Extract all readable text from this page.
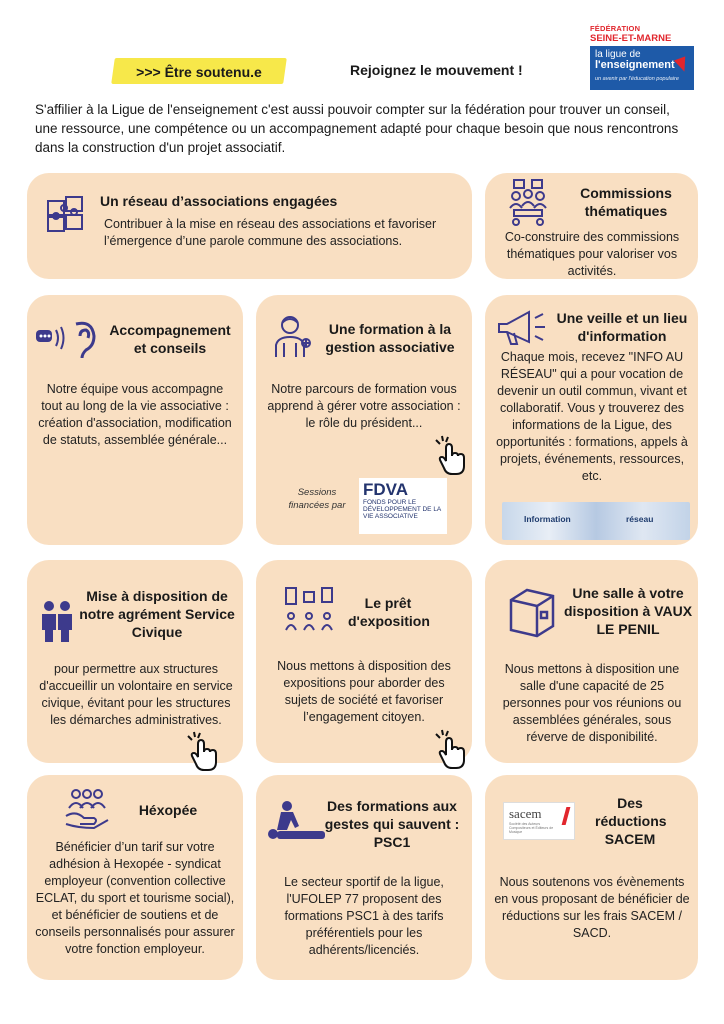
>>> Être soutenu.e	Rejoignez le mouvement !
FÉDÉRATION
SEINE-ET-MARNE
la ligue de
l'enseignement
un avenir par l'éducation populaire
S'affilier à la Ligue de l'enseignement c'est aussi pouvoir compter sur la fédération pour trouver un conseil, une ressource, une compétence ou un accompagnement adapté pour chaque besoin que nous rencontrons dans la construction d'un projet associatif.
Un réseau d’associations engagées
Contribuer à la mise en réseau des associations et favoriser l’émergence d’une parole commune des associations.
Commissions thématiques
Co-construire des commissions thématiques pour valoriser vos activités.
Accompagnement et conseils
Notre équipe vous accompagne tout au long de la vie associative : création d'association, modification de statuts, assemblée générale...
Une formation à la gestion associative
Notre parcours de formation vous apprend à gérer votre association : le rôle du président...
Sessions financées par
FDVA
FONDS POUR LE DÉVELOPPEMENT DE LA VIE ASSOCIATIVE
Une veille et un lieu d'information
Chaque mois, recevez "INFO AU RÉSEAU" qui a pour vocation de devenir un outil commun, vivant et collaboratif. Vous y trouverez des informations de la Ligue, des opportunités : formations, appels à projets, événements, ressources, etc.
Information	réseau
Mise à disposition de notre agrément Service Civique
pour permettre aux structures d'accueillir un volontaire en service civique, évitant pour les structures les démarches administratives.
Le prêt d'exposition
Nous mettons à disposition des expositions pour aborder des sujets de société et favoriser l’engagement citoyen.
Une salle à votre disposition à VAUX LE PENIL
Nous mettons à disposition une salle d'une capacité de 25 personnes pour vos réunions ou assemblées générales, sous réverve de disponibilité.
Héxopée
Bénéficier d’un tarif sur votre adhésion à Hexopée - syndicat employeur (convention collective ECLAT, du sport et tourisme social), et bénéficier de soutiens et de conseils personnalisés pour assurer votre fonction employeur.
Des formations aux gestes qui sauvent : PSC1
Le secteur sportif de la ligue, l'UFOLEP 77 proposent des formations PSC1 à des tarifs préférentiels pour les adhérents/licenciés.
sacem
Société des Auteurs Compositeurs et Éditeurs de Musique
Des réductions SACEM
Nous soutenons vos évènements en vous proposant de bénéficier de réductions sur les frais SACEM / SACD.
